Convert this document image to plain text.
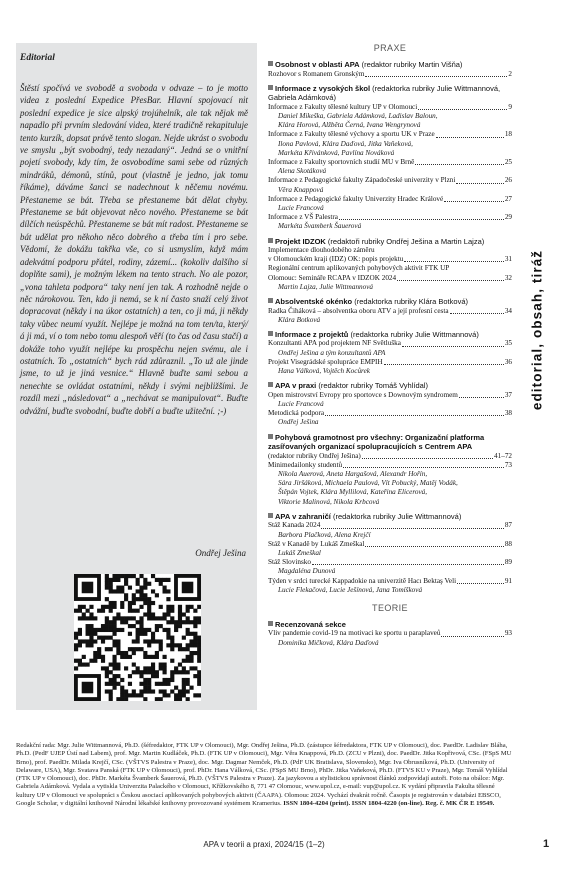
Editorial
Štěstí spočívá ve svobodě a svoboda v odvaze – to je motto videa z poslední Expedice PřesBar. Hlavní spojovací nit poslední expedice je sice alpský trojúhelník, ale tak nějak mě napadlo při prvním sledování videa, které tradičně rekapituluje tento kurzík, dopsat právě tento slogan. Nejde ukrást o svobodu ve smyslu „být svobodný, tedy nezadaný“. Jedná se o vnitřní pojetí svobody, kdy tím, že osvobodíme sami sebe od různých mindráků, démonů, stínů, pout (vlastně je jedno, jak tomu říkáme), dáváme šanci se nadechnout k něčemu novému. Přestaneme se bát. Třeba se přestaneme bát dělat chyby. Přestaneme se bát objevovat něco nového. Přestaneme se bát dílčích neúspěchů. Přestaneme se bát mít radost. Přestaneme se bát udělat pro někoho něco dobrého a třeba tím i pro sebe. Vědomí, že dokážu takřka vše, co si usmyslím, když mám adekvátní podporu přátel, rodiny, zázemí... (kokoliv dalšího si doplňte sami), je možným lékem na tento strach. No ale pozor, „vona tahleta podpora“ taky není jen tak. A rozhodně nejde o něc nárokovou. Ten, kdo ji nemá, se k ní často snaží celý život dopracovat (někdy i na úkor ostatních) a ten, co ji má, ji někdy taky vůbec neumí využít. Nejlépe je možná na tom ten/ta, který/á ji má, ví o tom nebo tomu alespoň věří (to čas od času stačí) a dokáže toho využít nejlépe ku prospěchu nejen svému, ale i ostatních. To „ostatních“ bych rád zdůraznil. „To už ale jinde jsme, to už je jiná vesnice.“ Hlavně buďte sami sebou a nenechte se ovládat ostatními, někdy i svými nejbližšími. Je rozdíl mezi „následovat“ a „nechávat se manipulovat“. Buďte odvážní, buďte svobodní, buďte dobří a buďte užiteční. ;-)
Ondřej Ješina
PRAXE
Osobnost v oblasti APA (redaktor rubriky Martin Višňa)
Rozhovor s Romanem Gronským	2
Informace z vysokých škol (redaktorka rubriky Julie Wittmannová, Gabriela Adámková)
Informace z Fakulty tělesné kultury UP v Olomouci	9
Daniel Mikeška, Gabriela Adámková, Ladislav Baloun,
Klára Horová, Alžběta Černá, Ivana Wengrynová
Informace z Fakulty tělesné výchovy a sportu UK v Praze	18
Ilona Pavlová, Klára Daďová, Jitka Vaňeková,
Markéta Křivánková, Pavlína Nováková
Informace z Fakulty sportovních studií MU v Brně	25
Alena Skotáková
Informace z Pedagogické fakulty Západočeské univerzity v Plzni	26
Věra Knappová
Informace z Pedagogické fakulty Univerzity Hradec Králové	27
Lucie Francová
Informace z VŠ Palestra	29
Markéta Švamberk Šauerová
Projekt IDZOK (redaktoři rubriky Ondřej Ješina a Martin Lajza)
Implementace dlouhodobého záměru
v Olomouckém kraji (IDZ) OK: popis projektu	31
Regionální centrum aplikovaných pohybových aktivit FTK UP
Olomouc: Semináře RCAPA v IDZOK 2024	32
Martin Lajza, Julie Wittmannová
Absolventské okénko (redaktorka rubriky Klára Botková)
Radka Čiháková – absolventka oboru ATV a její profesní cesta	34
Klára Botková
Informace z projektů (redaktorka rubriky Julie Wittmannová)
Konzultanti APA pod projektem NF Světluška	35
Ondřej Ješina a tým konzultantů APA
Projekt Visegrádské spolupráce EMPIH	36
Hana Válková, Vojtěch Kocůrek
APA v praxi (redaktor rubriky Tomáš Vyhlídal)
Open mistrovství Evropy pro sportovce s Downovým syndromem	37
Lucie Francová
Metodická podpora	38
Ondřej Ješina
Pohybová gramotnost pro všechny: Organizační platforma zasířovaných organizací spolupracujících s Centrem APA
(redaktor rubriky Ondřej Ješina)	41–72
Minimedailonky studentů	73
Nikola Auerová, Aneta Hargašová, Alexandr Hořín,
Sára Jiršáková, Michaela Paulová, Vít Pobucký, Matěj Vodák,
Štěpán Vojtek, Klára Myllilová, Kateřina Elicerová,
Viktorie Malinová, Nikola Krbcová
APA v zahraničí (redaktorka rubriky Julie Wittmannová)
Stáž Kanada 2024	87
Barbora Plačková, Alena Krejčí
Stáž v Kanadě by Lukáš Zmeškal	88
Lukáš Zmeškal
Stáž Slovinsko	89
Magdaléna Dunová
Týden v srdci turecké Kappadokie na univerzitě Hacı Bektaş Veli	91
Lucie Flekačová, Lucie Ješínová, Jana Tomíšková
TEORIE
Recenzovaná sekce
Vliv pandemie covid-19 na motivaci ke sportu u paraplaveů	93
Dominika Mičková, Klára Daďová
editorial, obsah, tiráž
Redakční rada: Mgr. Julie Wittmannová, Ph.D. (šéfredaktor, FTK UP v Olomouci), Mgr. Ondřej Ješina, Ph.D. (zástupce šéfredaktora, FTK UP v Olomouci), doc. PaedDr. Ladislav Bláha, Ph.D. (PedF UJEP Ústí nad Labem), prof. Mgr. Martin Kudláček, Ph.D. (FTK UP v Olomouci), Mgr. Věra Knappová, Ph.D. (ZCU v Plzni), doc. PaedDr. Jitka Kopřivová, CSc. (FSpS MU Brno), prof. PaedDr. Milada Krejčí, CSc. (VŠTVS Palestra v Praze), doc. Mgr. Dagmar Nemček, Ph.D. (PdF UK Bratislava, Slovensko), Mgr. Iva Obrusníková, Ph.D. (University of Delaware, USA), Mgr. Svatava Panská (FTK UP v Olomouci), prof. PhDr. Hana Válková, CSc. (FSpS MU Brno), PhDr. Jitka Vaňeková, Ph.D. (FTVS KU v Praze), Mgr. Tomáš Vyhlídal (FTK UP v Olomouci), doc. PhDr. Markéta Švamberk Šauerová, Ph.D. (VŠTVS Palestra v Praze). Za jazykovou a stylistickou správnost článků zodpovídají autoři. Foto na obálce: Mgr. Gabriela Adámková. Vydala a vytiskla Univerzita Palackého v Olomouci, Křížkovského 8, 771 47 Olomouc, www.upol.cz, e-mail: vup@upol.cz. K vydání připravila Fakulta tělesné kultury UP v Olomouci ve spolupráci s Českou asociací aplikovaných pohybových aktivit (ČAAPA). Olomouc 2024. Vychází dvakrát ročně. Časopis je registrován v databázi EBSCO, Google Scholar, v digitální knihovně Národní lékařské knihovny provozované systémem Kramerius. ISSN 1804-4204 (print). ISSN 1804-4220 (on-line). Reg. č. MK ČR E 19549.
APA v teorii a praxi, 2024/15 (1–2)	1
